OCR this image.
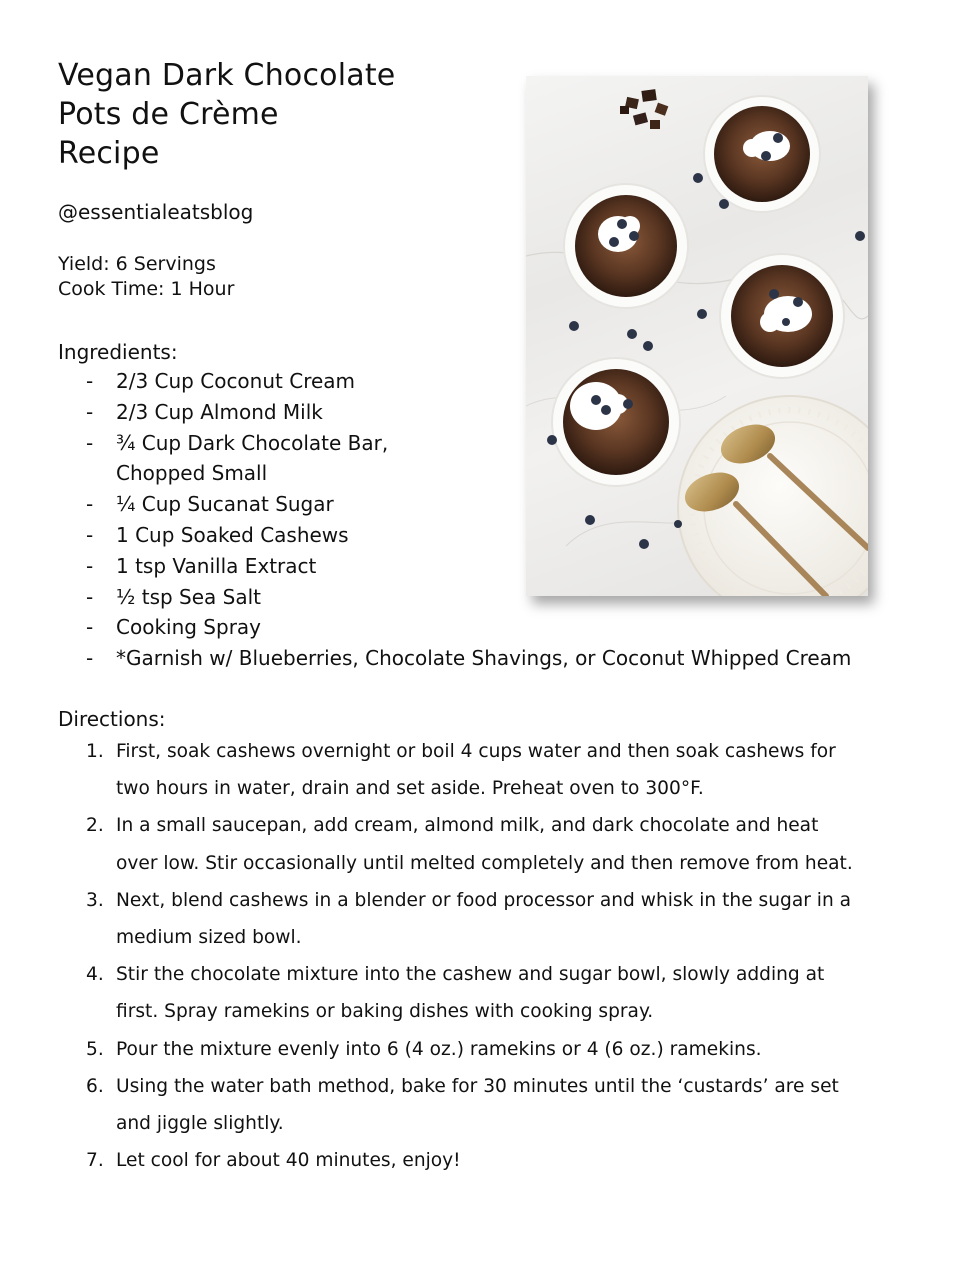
Vegan Dark Chocolate
Pots de Crème
Recipe
@essentialeatsblog
Yield: 6 Servings
Cook Time: 1 Hour
Ingredients:
- 2/3 Cup Coconut Cream
- 2/3 Cup Almond Milk
- ¾ Cup Dark Chocolate Bar,
Chopped Small
- ¼ Cup Sucanat Sugar
- 1 Cup Soaked Cashews
- 1 tsp Vanilla Extract
- ½ tsp Sea Salt
- Cooking Spray
- *Garnish w/ Blueberries, Chocolate Shavings, or Coconut Whipped Cream
Directions:
1. First, soak cashews overnight or boil 4 cups water and then soak cashews for
two hours in water, drain and set aside. Preheat oven to 300°F.
2. In a small saucepan, add cream, almond milk, and dark chocolate and heat
over low. Stir occasionally until melted completely and then remove from heat.
3. Next, blend cashews in a blender or food processor and whisk in the sugar in a
medium sized bowl.
4. Stir the chocolate mixture into the cashew and sugar bowl, slowly adding at
first. Spray ramekins or baking dishes with cooking spray.
5. Pour the mixture evenly into 6 (4 oz.) ramekins or 4 (6 oz.) ramekins.
6. Using the water bath method, bake for 30 minutes until the ‘custards’ are set
and jiggle slightly.
7. Let cool for about 40 minutes, enjoy!
